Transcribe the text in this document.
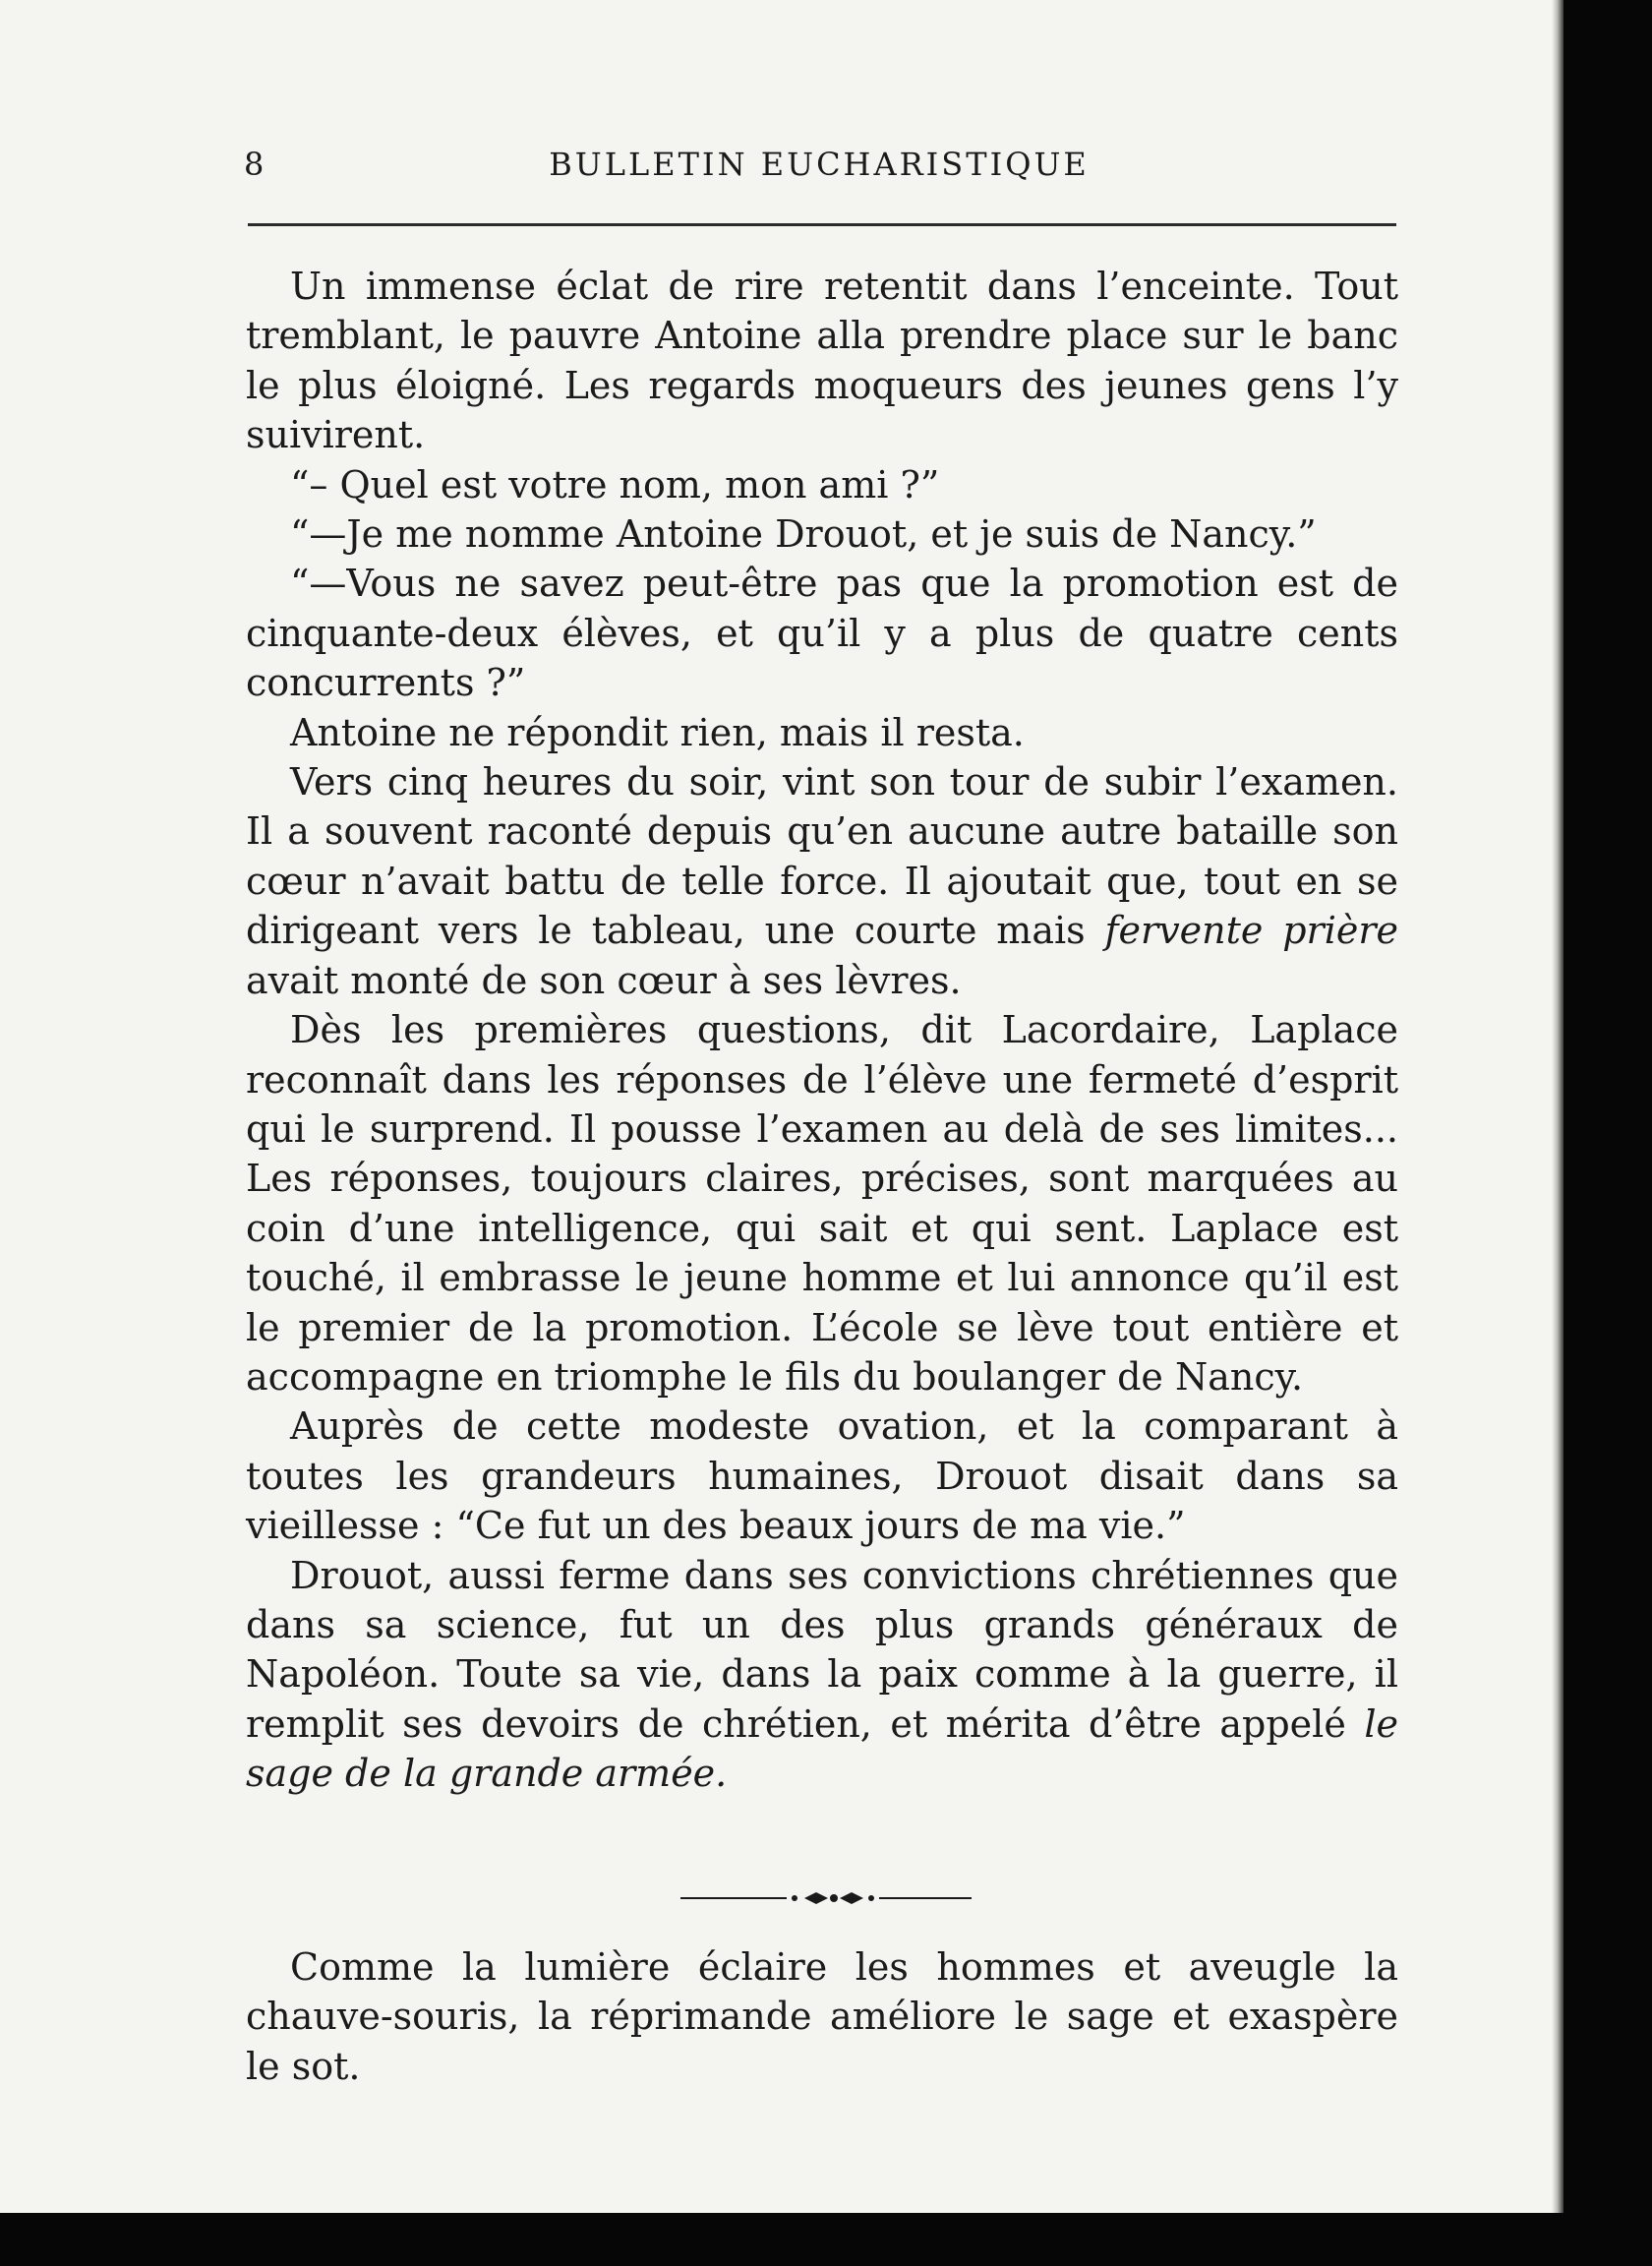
8	BULLETIN EUCHARISTIQUE

Un immense éclat de rire retentit dans l’enceinte. Tout tremblant, le pauvre Antoine alla prendre place sur le banc le plus éloigné. Les regards moqueurs des jeunes gens l’y suivirent.

“– Quel est votre nom, mon ami ?”

“—Je me nomme Antoine Drouot, et je suis de Nancy.”

“—Vous ne savez peut-être pas que la promotion est de cinquante-deux élèves, et qu’il y a plus de quatre cents concurrents ?”

Antoine ne répondit rien, mais il resta.

Vers cinq heures du soir, vint son tour de subir l’examen. Il a souvent raconté depuis qu’en aucune autre bataille son cœur n’avait battu de telle force. Il ajoutait que, tout en se dirigeant vers le tableau, une courte mais fervente prière avait monté de son cœur à ses lèvres.

Dès les premières questions, dit Lacordaire, Laplace reconnaît dans les réponses de l’élève une fermeté d’esprit qui le surprend. Il pousse l’examen au delà de ses limites... Les réponses, toujours claires, précises, sont marquées au coin d’une intelligence, qui sait et qui sent. Laplace est touché, il embrasse le jeune homme et lui annonce qu’il est le premier de la promotion. L’école se lève tout entière et accompagne en triomphe le fils du boulanger de Nancy.

Auprès de cette modeste ovation, et la comparant à toutes les grandeurs humaines, Drouot disait dans sa vieillesse : “Ce fut un des beaux jours de ma vie.”

Drouot, aussi ferme dans ses convictions chrétiennes que dans sa science, fut un des plus grands généraux de Napoléon. Toute sa vie, dans la paix comme à la guerre, il remplit ses devoirs de chrétien, et mérita d’être appelé le sage de la grande armée.

Comme la lumière éclaire les hommes et aveugle la chauve-souris, la réprimande améliore le sage et exaspère le sot.
